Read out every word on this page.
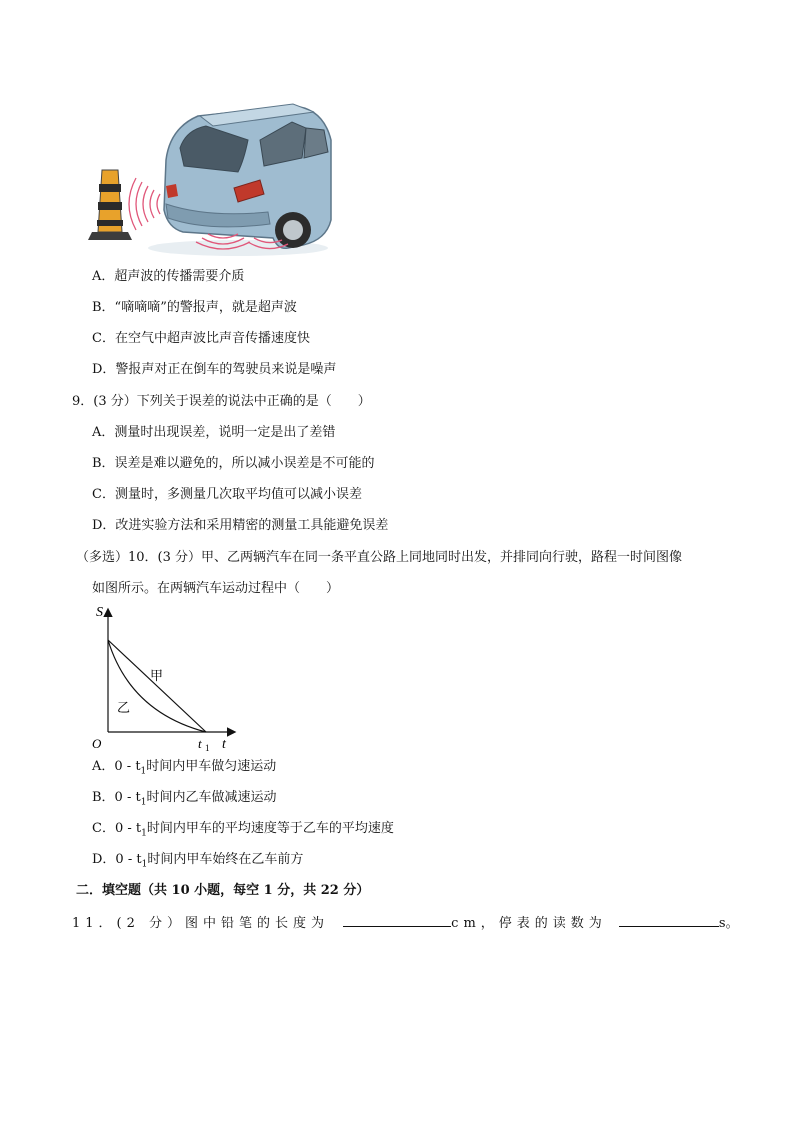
A．超声波的传播需要介质
B．“嘀嘀嘀”的警报声，就是超声波
C．在空气中超声波比声音传播速度快
D．警报声对正在倒车的驾驶员来说是噪声
9．(3 分）下列关于误差的说法中正确的是（　　）
A．测量时出现误差，说明一定是出了差错
B．误差是难以避免的，所以减小误差是不可能的
C．测量时，多测量几次取平均值可以减小误差
D．改进实验方法和采用精密的测量工具能避免误差
（多选）10．(3 分）甲、乙两辆汽车在同一条平直公路上同地同时出发，并排同向行驶，路程一时间图像
如图所示。在两辆汽车运动过程中（　　）
S
t
O	t 1
甲
乙
A．$0 - t_1$时间内甲车做匀速运动
B．$0 - t_1$时间内乙车做减速运动
C．$0 - t_1$时间内甲车的平均速度等于乙车的平均速度
D．$0 - t_1$时间内甲车始终在乙车前方
二．填空题（共 10 小题，每空 1 分，共 22 分）
11．(2 分）图中铅笔的长度为	cm，停表的读数为	s。
